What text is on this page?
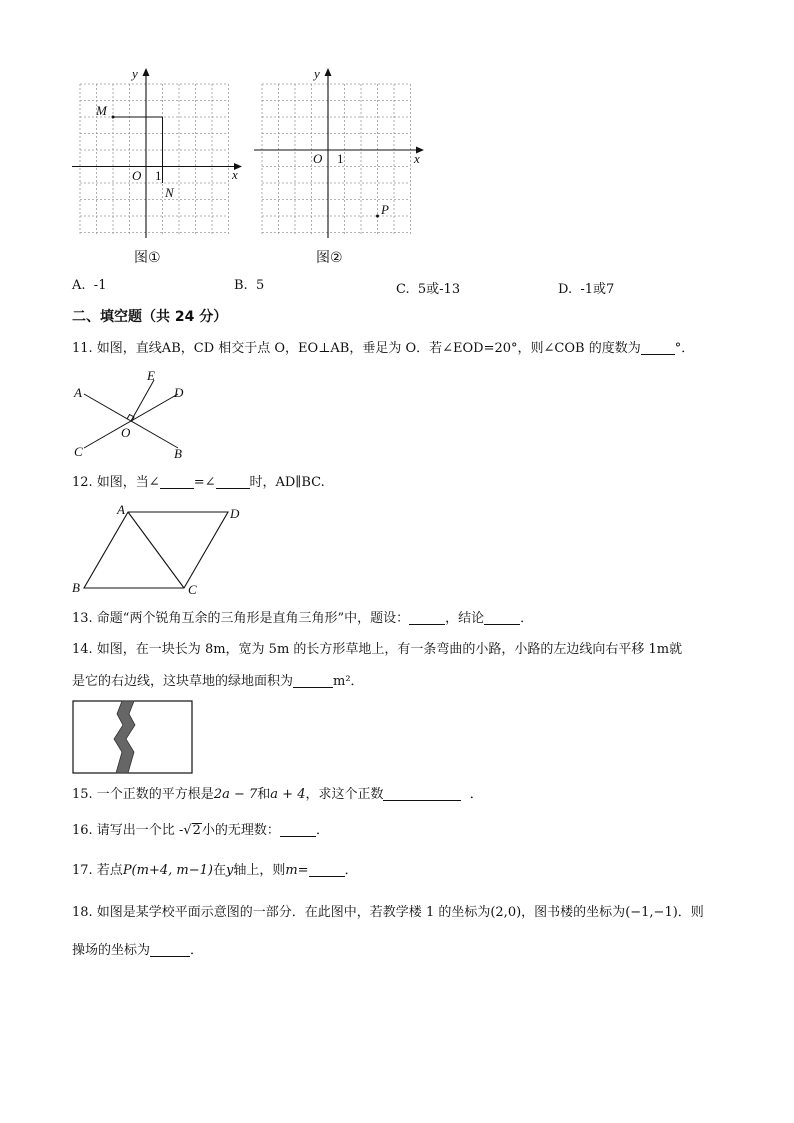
M
N
O 1	x
y
图①
P
O 1	x
y
图②
A. -1	B. 5	C. 5或-13	D. -1或7
二、填空题（共 24 分）
11. 如图，直线AB，CD 相交于点 O，EO⊥AB，垂足为 O．若∠EOD=20°，则∠COB 的度数为	°．
A
B
C
D
E
O
12. 如图，当∠	=∠	时，AD∥BC.
A
B	C
D
13. 命题“两个锐角互余的三角形是直角三角形”中，题设：	，结论	．
14. 如图，在一块长为 8m，宽为 5m 的长方形草地上，有一条弯曲的小路，小路的左边线向右平移 1m就
是它的右边线，这块草地的绿地面积为	m²．
15. 一个正数的平方根是2a − 7和a + 4，求这个正数	．
16. 请写出一个比 -√2小的无理数：	．
17. 若点P(m+4, m−1)在y轴上，则m=	．
18. 如图是某学校平面示意图的一部分．在此图中，若教学楼 1 的坐标为(2,0)，图书楼的坐标为(−1,−1)．则
操场的坐标为	．
